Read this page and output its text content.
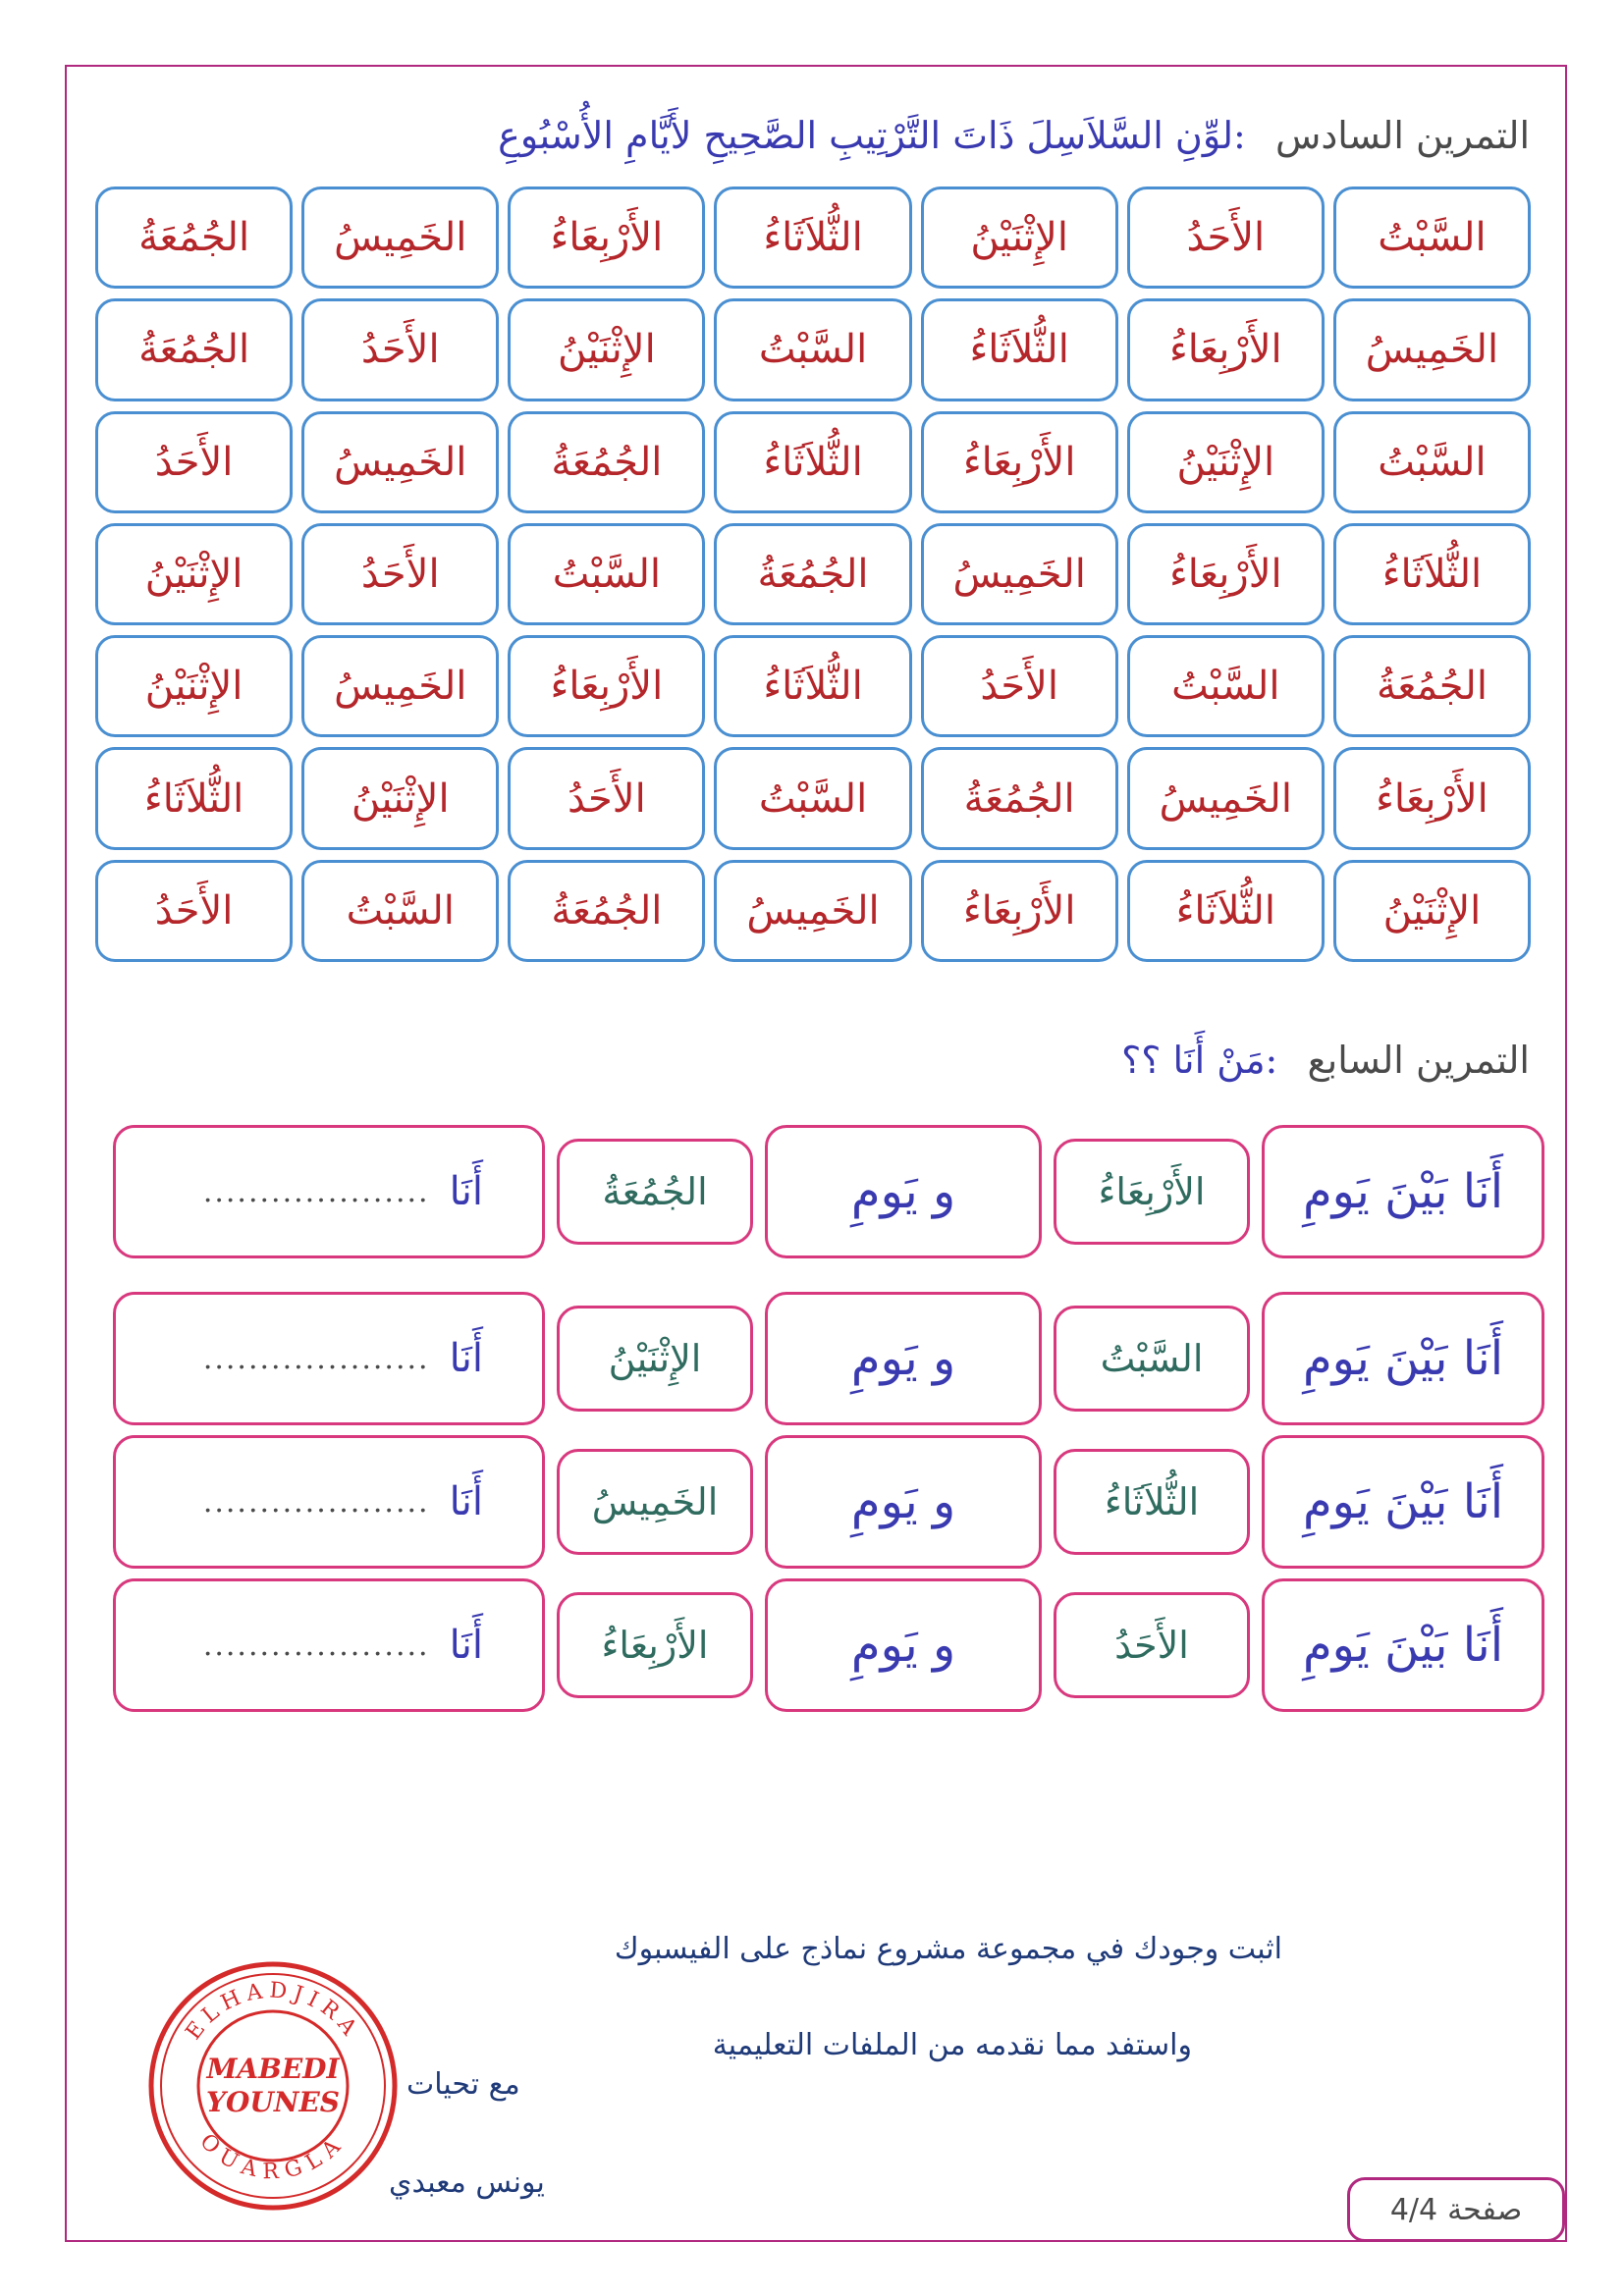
التمرين السادس :لوِّنِ السَّلاَسِلَ ذَاتَ التَّرْتِيبِ الصَّحِيحِ لأَيَّامِ الأُسْبُوعِ
السَّبْتُ
الأَحَدُ
الإِثْنَيْنُ
الثُّلاَثَاءُ
الأَرْبِعَاءُ
الخَمِيسُ
الجُمُعَةُ
الخَمِيسُ
الأَرْبِعَاءُ
الثُّلاَثَاءُ
السَّبْتُ
الإِثْنَيْنُ
الأَحَدُ
الجُمُعَةُ
السَّبْتُ
الإِثْنَيْنُ
الأَرْبِعَاءُ
الثُّلاَثَاءُ
الجُمُعَةُ
الخَمِيسُ
الأَحَدُ
الثُّلاَثَاءُ
الأَرْبِعَاءُ
الخَمِيسُ
الجُمُعَةُ
السَّبْتُ
الأَحَدُ
الإِثْنَيْنُ
الجُمُعَةُ
السَّبْتُ
الأَحَدُ
الثُّلاَثَاءُ
الأَرْبِعَاءُ
الخَمِيسُ
الإِثْنَيْنُ
الأَرْبِعَاءُ
الخَمِيسُ
الجُمُعَةُ
السَّبْتُ
الأَحَدُ
الإِثْنَيْنُ
الثُّلاَثَاءُ
الإِثْنَيْنُ
الثُّلاَثَاءُ
الأَرْبِعَاءُ
الخَمِيسُ
الجُمُعَةُ
السَّبْتُ
الأَحَدُ
التمرين السابع :مَنْ أَنَا ؟؟
أَنَا بَيْنَ يَومِ
الأَرْبِعَاءُ
و يَومِ
الجُمُعَةُ
أَنَا
....................
أَنَا بَيْنَ يَومِ
السَّبْتُ
و يَومِ
الإِثْنَيْنُ
أَنَا
....................
أَنَا بَيْنَ يَومِ
الثُّلاَثَاءُ
و يَومِ
الخَمِيسُ
أَنَا
....................
أَنَا بَيْنَ يَومِ
الأَحَدُ
و يَومِ
الأَرْبِعَاءُ
أَنَا
....................
اثبت وجودك في مجموعة مشروع نماذج على الفيسبوك
واستفد مما نقدمه من الملفات التعليمية
مع تحيات
يونس معبدي
ELHADJIRA
OUARGLA
MABEDI
YOUNES
صفحة
4/4
